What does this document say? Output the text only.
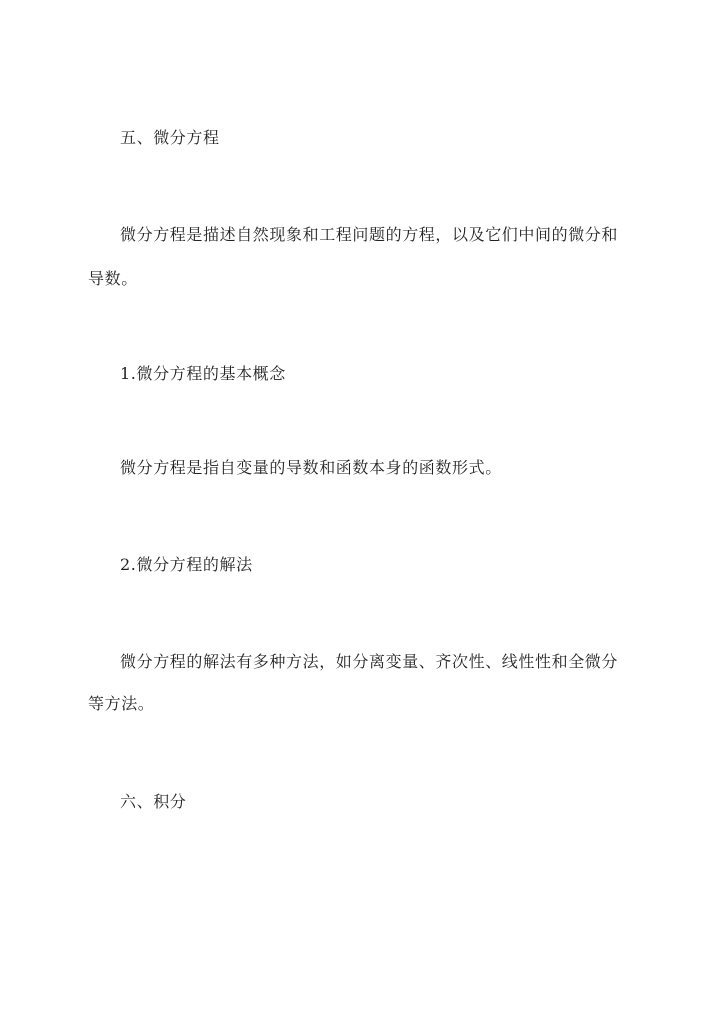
五、微分方程
微分方程是描述自然现象和工程问题的方程，以及它们中间的微分和
导数。
1.微分方程的基本概念
微分方程是指自变量的导数和函数本身的函数形式。
2.微分方程的解法
微分方程的解法有多种方法，如分离变量、齐次性、线性性和全微分
等方法。
六、积分
